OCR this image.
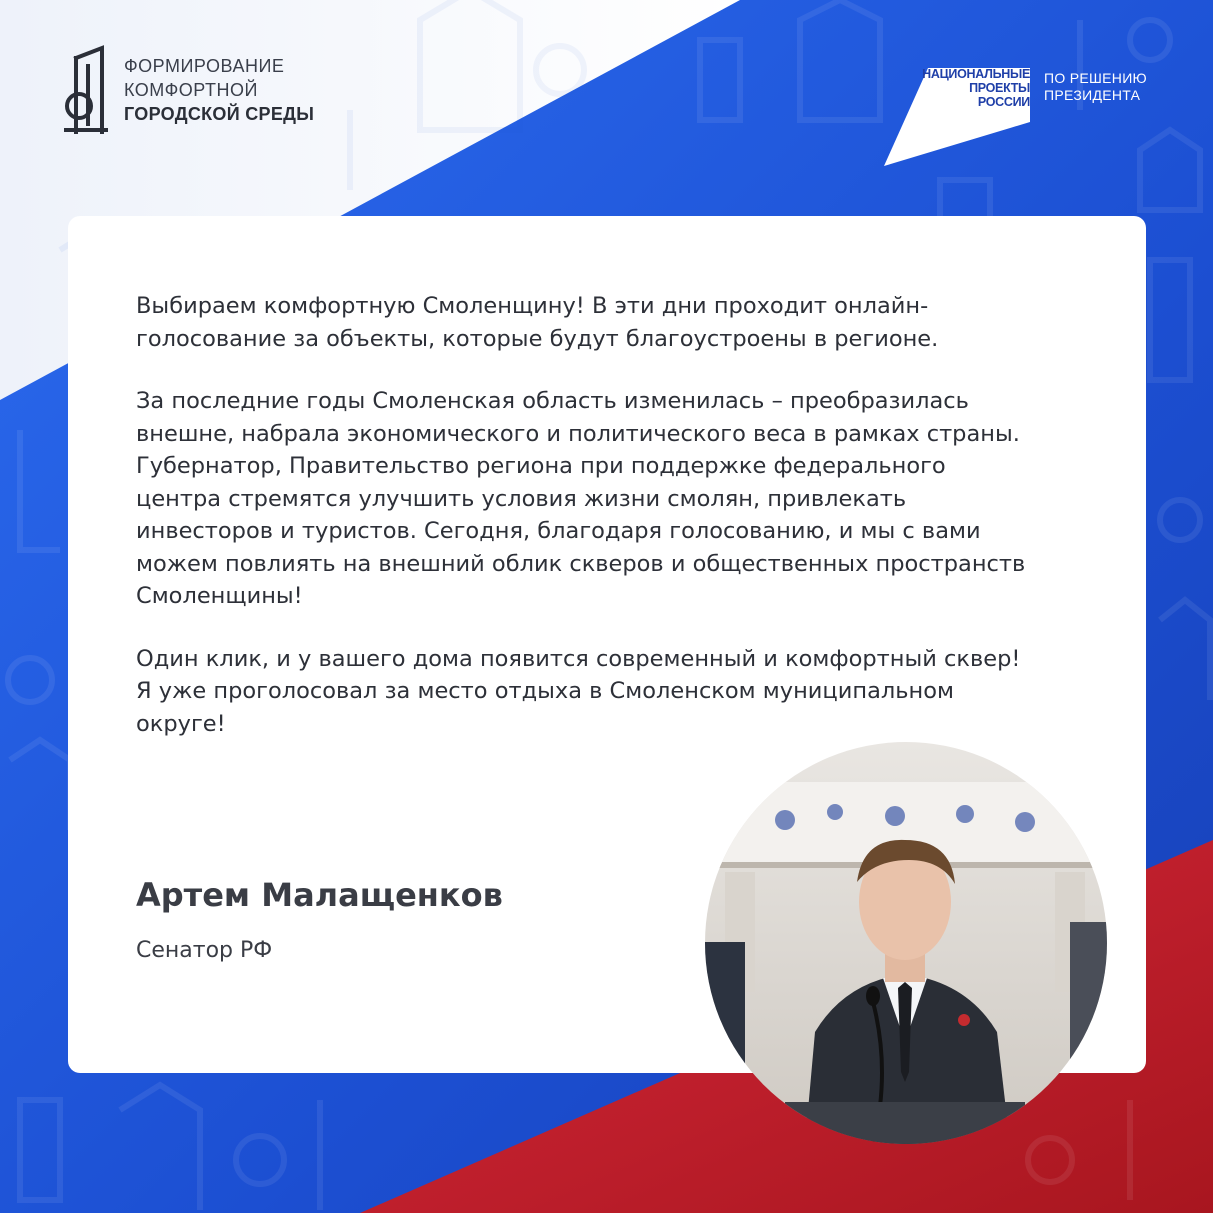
ФОРМИРОВАНИЕ
КОМФОРТНОЙ
ГОРОДСКОЙ СРЕДЫ
НАЦИОНАЛЬНЫЕ
ПРОЕКТЫ
РОССИИ
ПО РЕШЕНИЮ
ПРЕЗИДЕНТА

Выбираем комфортную Смоленщину! В эти дни проходит онлайн-голосование за объекты, которые будут благоустроены в регионе.

За последние годы Смоленская область изменилась – преобразилась внешне, набрала экономического и политического веса в рамках страны. Губернатор, Правительство региона при поддержке федерального центра стремятся улучшить условия жизни смолян, привлекать инвесторов и туристов. Сегодня, благодаря голосованию, и мы с вами можем повлиять на внешний облик скверов и общественных пространств Смоленщины!

Один клик, и у вашего дома появится современный и комфортный сквер! Я уже проголосовал за место отдыха в Смоленском муниципальном округе!

Артем Малащенков
Сенатор РФ
